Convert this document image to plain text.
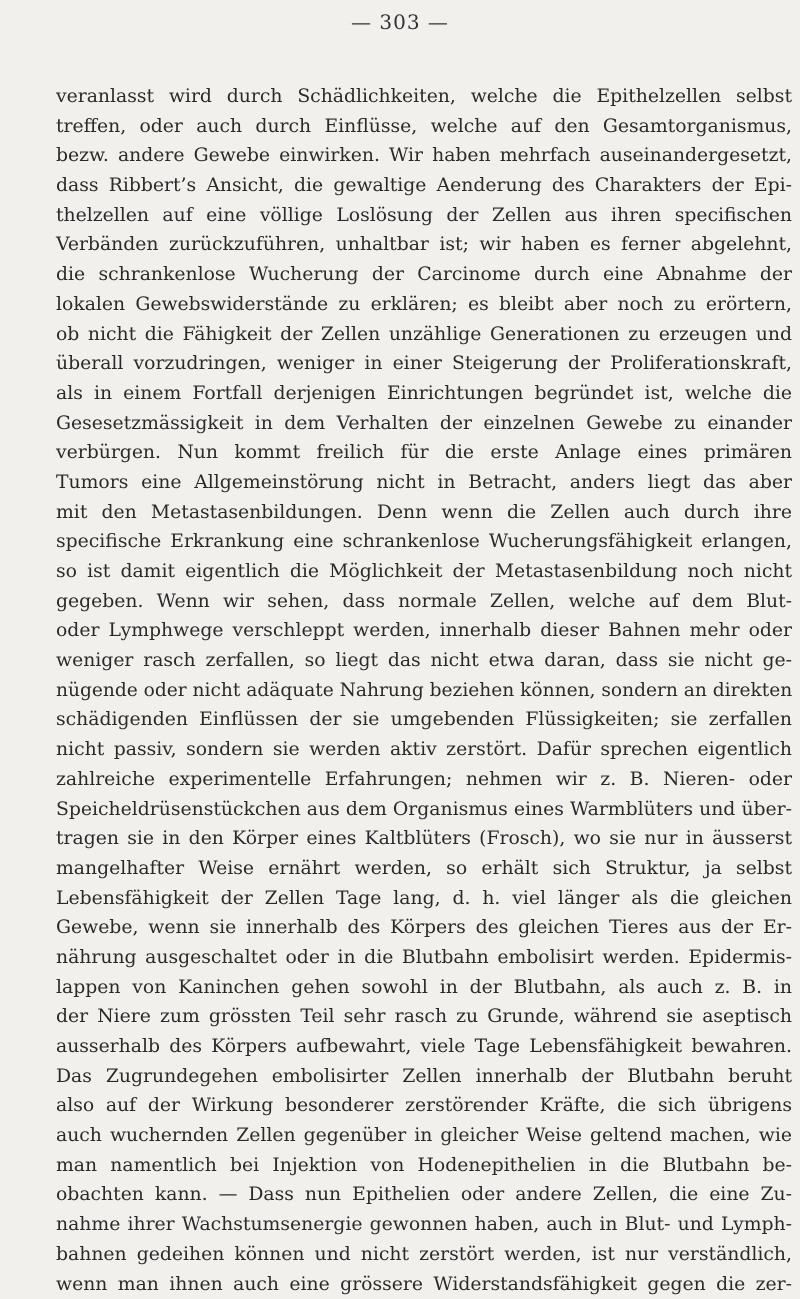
— 303 —
veranlasst wird durch Schädlichkeiten, welche die Epithelzellen selbst
treffen, oder auch durch Einflüsse, welche auf den Gesamtorganismus,
bezw. andere Gewebe einwirken. Wir haben mehrfach auseinandergesetzt,
dass Ribbert’s Ansicht, die gewaltige Aenderung des Charakters der Epi-
thelzellen auf eine völlige Loslösung der Zellen aus ihren specifischen
Verbänden zurückzuführen, unhaltbar ist; wir haben es ferner abgelehnt,
die schrankenlose Wucherung der Carcinome durch eine Abnahme der
lokalen Gewebswiderstände zu erklären; es bleibt aber noch zu erörtern,
ob nicht die Fähigkeit der Zellen unzählige Generationen zu erzeugen und
überall vorzudringen, weniger in einer Steigerung der Proliferationskraft,
als in einem Fortfall derjenigen Einrichtungen begründet ist, welche die
Gesesetzmässigkeit in dem Verhalten der einzelnen Gewebe zu einander
verbürgen. Nun kommt freilich für die erste Anlage eines primären
Tumors eine Allgemeinstörung nicht in Betracht, anders liegt das aber
mit den Metastasenbildungen. Denn wenn die Zellen auch durch ihre
specifische Erkrankung eine schrankenlose Wucherungsfähigkeit erlangen,
so ist damit eigentlich die Möglichkeit der Metastasenbildung noch nicht
gegeben. Wenn wir sehen, dass normale Zellen, welche auf dem Blut-
oder Lymphwege verschleppt werden, innerhalb dieser Bahnen mehr oder
weniger rasch zerfallen, so liegt das nicht etwa daran, dass sie nicht ge-
nügende oder nicht adäquate Nahrung beziehen können, sondern an direkten
schädigenden Einflüssen der sie umgebenden Flüssigkeiten; sie zerfallen
nicht passiv, sondern sie werden aktiv zerstört. Dafür sprechen eigentlich
zahlreiche experimentelle Erfahrungen; nehmen wir z. B. Nieren- oder
Speicheldrüsenstückchen aus dem Organismus eines Warmblüters und über-
tragen sie in den Körper eines Kaltblüters (Frosch), wo sie nur in äusserst
mangelhafter Weise ernährt werden, so erhält sich Struktur, ja selbst
Lebensfähigkeit der Zellen Tage lang, d. h. viel länger als die gleichen
Gewebe, wenn sie innerhalb des Körpers des gleichen Tieres aus der Er-
nährung ausgeschaltet oder in die Blutbahn embolisirt werden. Epidermis-
lappen von Kaninchen gehen sowohl in der Blutbahn, als auch z. B. in
der Niere zum grössten Teil sehr rasch zu Grunde, während sie aseptisch
ausserhalb des Körpers aufbewahrt, viele Tage Lebensfähigkeit bewahren.
Das Zugrundegehen embolisirter Zellen innerhalb der Blutbahn beruht
also auf der Wirkung besonderer zerstörender Kräfte, die sich übrigens
auch wuchernden Zellen gegenüber in gleicher Weise geltend machen, wie
man namentlich bei Injektion von Hodenepithelien in die Blutbahn be-
obachten kann. — Dass nun Epithelien oder andere Zellen, die eine Zu-
nahme ihrer Wachstumsenergie gewonnen haben, auch in Blut- und Lymph-
bahnen gedeihen können und nicht zerstört werden, ist nur verständlich,
wenn man ihnen auch eine grössere Widerstandsfähigkeit gegen die zer-
